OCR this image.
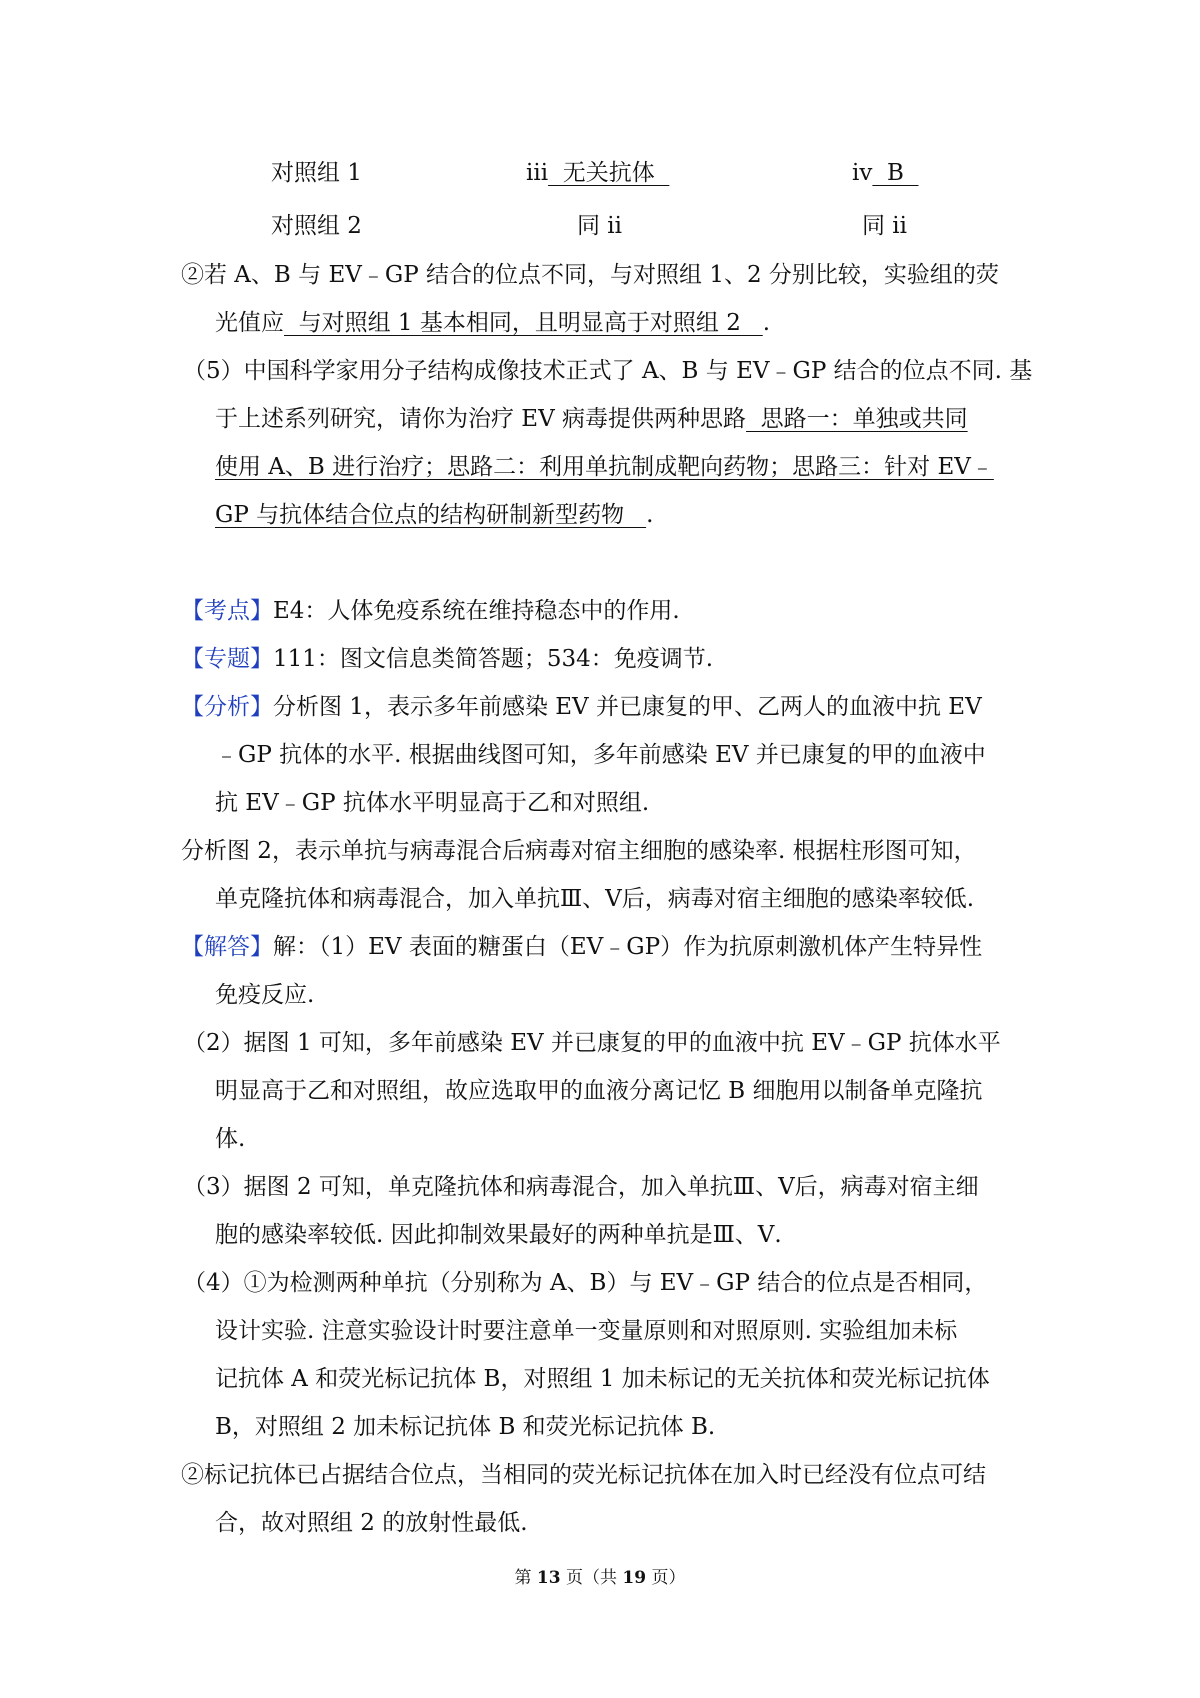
对照组 1	iii  无关抗体	iv  B
对照组 2	同 ii	同 ii
②若 A、B 与 EV﹣GP 结合的位点不同，与对照组 1、2 分别比较，实验组的荧
光值应  与对照组 1 基本相同，且明显高于对照组 2   .
（5）中国科学家用分子结构成像技术正式了 A、B 与 EV﹣GP 结合的位点不同. 基
于上述系列研究，请你为治疗 EV 病毒提供两种思路  思路一：单独或共同
使用 A、B 进行治疗；思路二：利用单抗制成靶向药物；思路三：针对 EV﹣
GP 与抗体结合位点的结构研制新型药物   .
【考点】E4：人体免疫系统在维持稳态中的作用.
【专题】111：图文信息类简答题；534：免疫调节.
【分析】分析图 1，表示多年前感染 EV 并已康复的甲、乙两人的血液中抗 EV
﹣GP 抗体的水平. 根据曲线图可知，多年前感染 EV 并已康复的甲的血液中
抗 EV﹣GP 抗体水平明显高于乙和对照组.
分析图 2，表示单抗与病毒混合后病毒对宿主细胞的感染率. 根据柱形图可知，
单克隆抗体和病毒混合，加入单抗Ⅲ、Ⅴ后，病毒对宿主细胞的感染率较低.
【解答】解：（1）EV 表面的糖蛋白（EV﹣GP）作为抗原刺激机体产生特异性
免疫反应.
（2）据图 1 可知，多年前感染 EV 并已康复的甲的血液中抗 EV﹣GP 抗体水平
明显高于乙和对照组，故应选取甲的血液分离记忆 B 细胞用以制备单克隆抗
体.
（3）据图 2 可知，单克隆抗体和病毒混合，加入单抗Ⅲ、Ⅴ后，病毒对宿主细
胞的感染率较低. 因此抑制效果最好的两种单抗是Ⅲ、Ⅴ.
（4）①为检测两种单抗（分别称为 A、B）与 EV﹣GP 结合的位点是否相同，
设计实验. 注意实验设计时要注意单一变量原则和对照原则. 实验组加未标
记抗体 A 和荧光标记抗体 B，对照组 1 加未标记的无关抗体和荧光标记抗体
B，对照组 2 加未标记抗体 B 和荧光标记抗体 B.
②标记抗体已占据结合位点，当相同的荧光标记抗体在加入时已经没有位点可结
合，故对照组 2 的放射性最低.
第 13 页（共 19 页）
